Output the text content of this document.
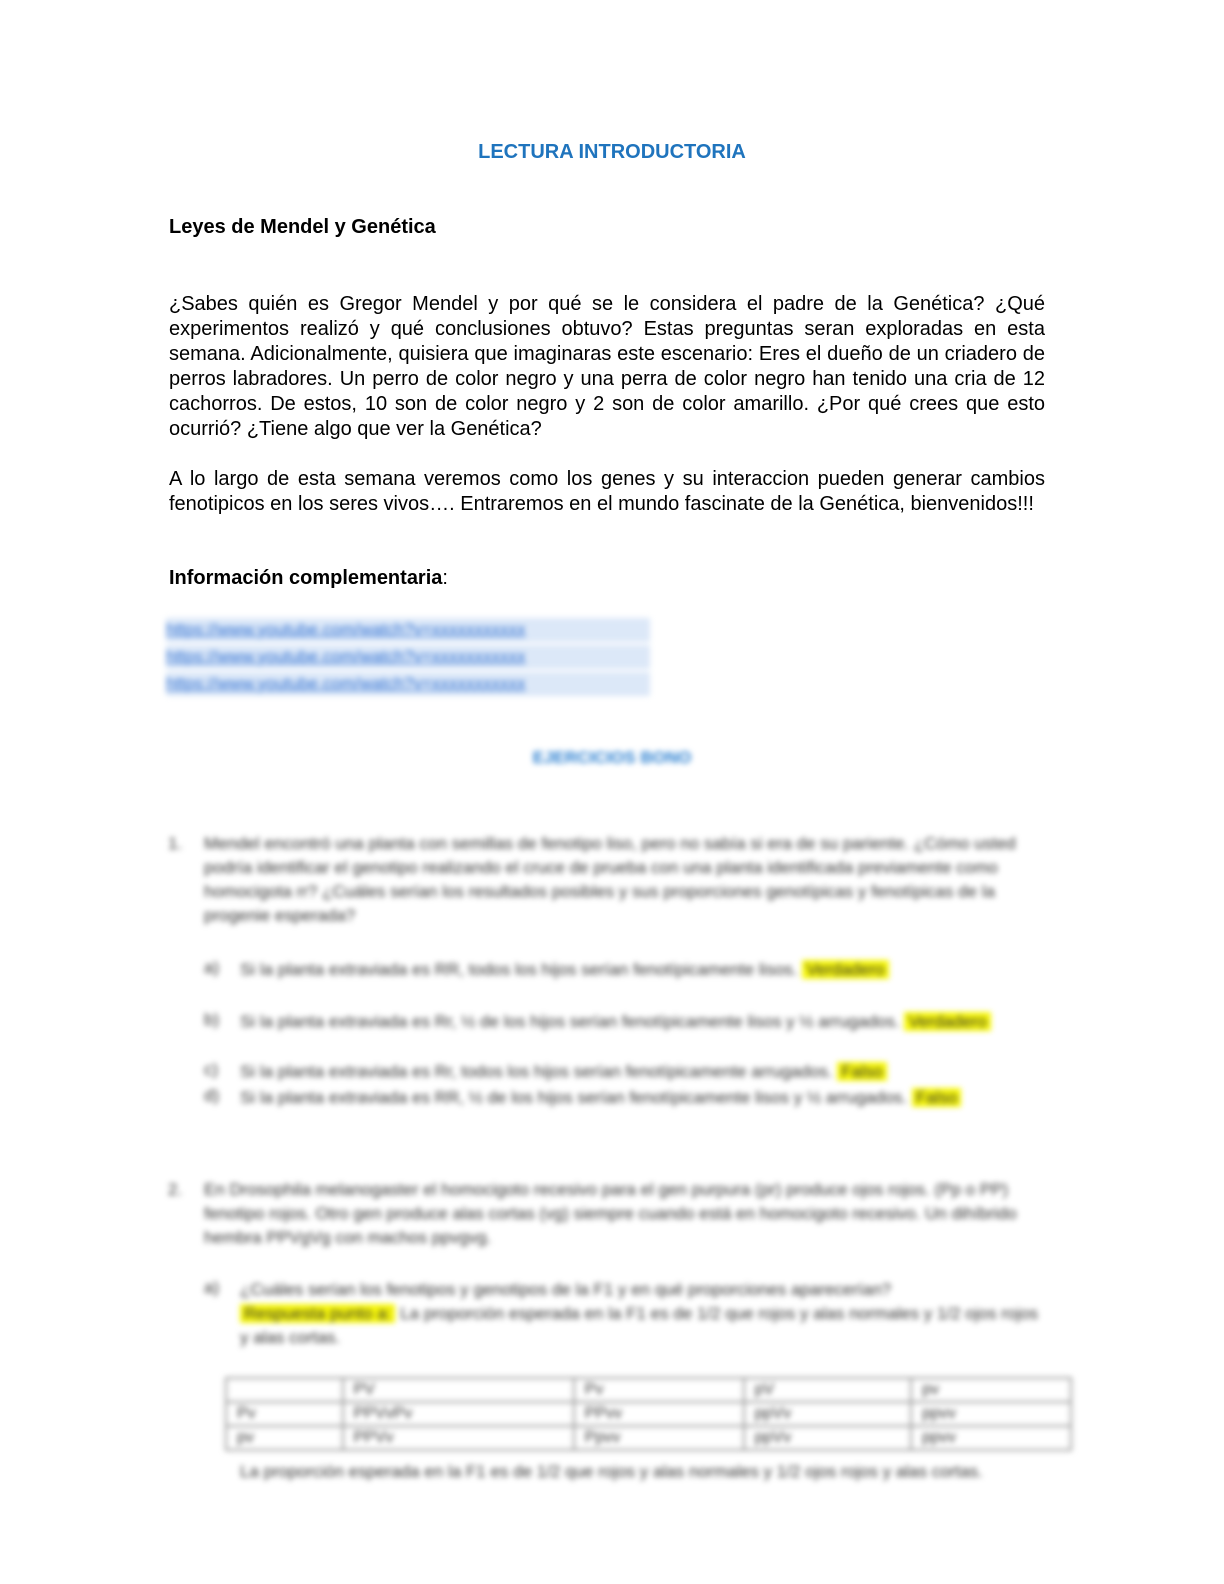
LECTURA INTRODUCTORIA
Leyes de Mendel y Genética
¿Sabes quién es Gregor Mendel y por qué se le considera el padre de la Genética? ¿Qué experimentos realizó y qué conclusiones obtuvo? Estas preguntas seran exploradas en esta semana. Adicionalmente, quisiera que imaginaras este escenario: Eres el dueño de un criadero de perros labradores. Un perro de color negro y una perra de color negro han tenido una cria de 12 cachorros. De estos, 10 son de color negro y 2 son de color amarillo. ¿Por qué crees que esto ocurrió? ¿Tiene algo que ver la Genética?
A lo largo de esta semana veremos como los genes y su interaccion pueden generar cambios fenotipicos en los seres vivos…. Entraremos en el mundo fascinate de la Genética, bienvenidos!!!
Información complementaria:
https://www.youtube.com/watch?v=xxxxxxxxxxx
https://www.youtube.com/watch?v=xxxxxxxxxxx
https://www.youtube.com/watch?v=xxxxxxxxxxx
EJERCICIOS BONO
1. Mendel encontró una planta con semillas de fenotipo liso, pero no sabía si era de su pariente. ¿Cómo usted podría identificar el genotipo realizando el cruce de prueba con una planta identificada previamente como homocigota rr? ¿Cuáles serían los resultados posibles y sus proporciones genotípicas y fenotípicas de la progenie esperada?
a) Si la planta extraviada es RR, todos los hijos serían fenotípicamente lisos. Verdadero
b) Si la planta extraviada es Rr, ½ de los hijos serían fenotípicamente lisos y ½ arrugados. Verdadero
c) Si la planta extraviada es Rr, todos los hijos serían fenotípicamente arrugados. Falso
d) Si la planta extraviada es RR, ½ de los hijos serían fenotípicamente lisos y ½ arrugados. Falso
2. En Drosophila melanogaster el homocigoto recesivo para el gen purpura (pr) produce ojos rojos. (Pp o PP) fenotipo rojos. Otro gen produce alas cortas (vg) siempre cuando está en homocigoto recesivo. Un dihíbrido hembra PPVgVg con machos ppvgvg.
a) ¿Cuáles serían los fenotipos y genotipos de la F1 y en qué proporciones aparecerían?
Respuesta punto a: La proporción esperada en la F1 es de 1/2 que rojos y alas normales y 1/2 ojos rojos y alas cortas.
	PV	Pv	pV	pv
Pv	PPVvPv	PPvv	ppVv	ppvv
pv	PPVv	Ppvv	ppVv	ppvv
La proporción esperada en la F1 es de 1/2 que rojos y alas normales y 1/2 ojos rojos y alas cortas.
